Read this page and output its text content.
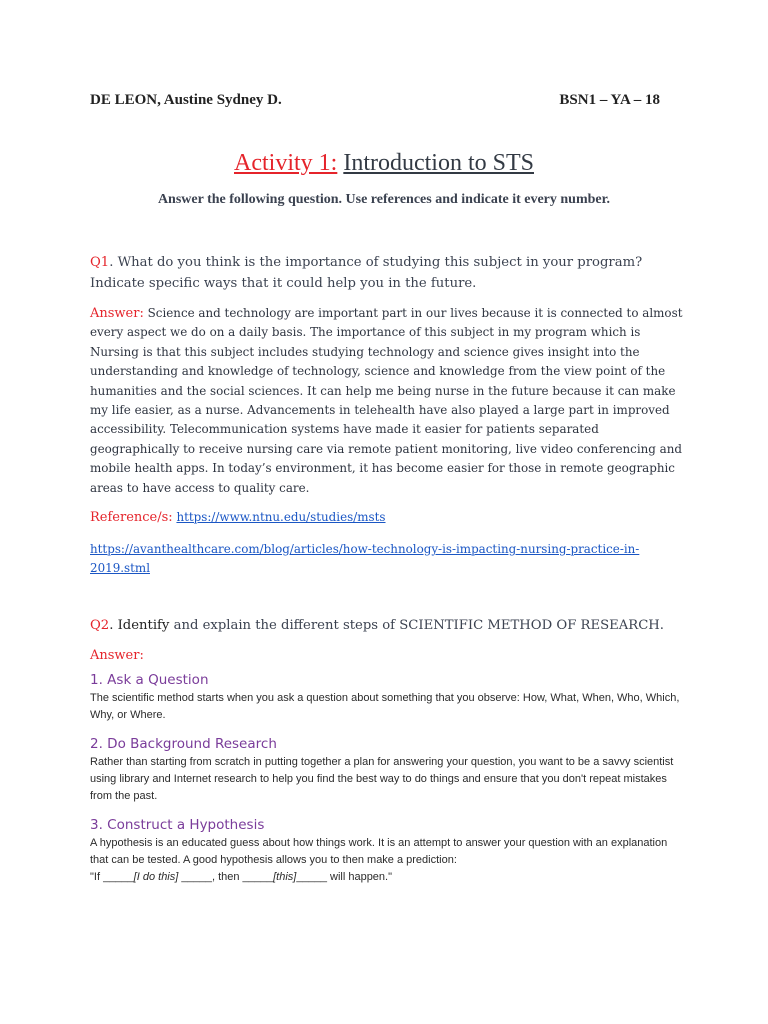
DE LEON, Austine Sydney D.	BSN1 – YA – 18
Activity 1: Introduction to STS
Answer the following question. Use references and indicate it every number.
Q1. What do you think is the importance of studying this subject in your program? Indicate specific ways that it could help you in the future.
Answer: Science and technology are important part in our lives because it is connected to almost every aspect we do on a daily basis. The importance of this subject in my program which is Nursing is that this subject includes studying technology and science gives insight into the understanding and knowledge of technology, science and knowledge from the view point of the humanities and the social sciences. It can help me being nurse in the future because it can make my life easier, as a nurse. Advancements in telehealth have also played a large part in improved accessibility. Telecommunication systems have made it easier for patients separated geographically to receive nursing care via remote patient monitoring, live video conferencing and mobile health apps. In today’s environment, it has become easier for those in remote geographic areas to have access to quality care.
Reference/s: https://www.ntnu.edu/studies/msts
https://avanthealthcare.com/blog/articles/how-technology-is-impacting-nursing-practice-in-2019.stml
Q2. Identify and explain the different steps of SCIENTIFIC METHOD OF RESEARCH.
Answer:

1. Ask a Question

The scientific method starts when you ask a question about something that you observe: How, What, When, Who, Which, Why, or Where.

2. Do Background Research

Rather than starting from scratch in putting together a plan for answering your question, you want to be a savvy scientist using library and Internet research to help you find the best way to do things and ensure that you don't repeat mistakes from the past.

3. Construct a Hypothesis

A hypothesis is an educated guess about how things work. It is an attempt to answer your question with an explanation that can be tested. A good hypothesis allows you to then make a prediction:

"If _____[I do this] _____, then _____[this]_____ will happen."
